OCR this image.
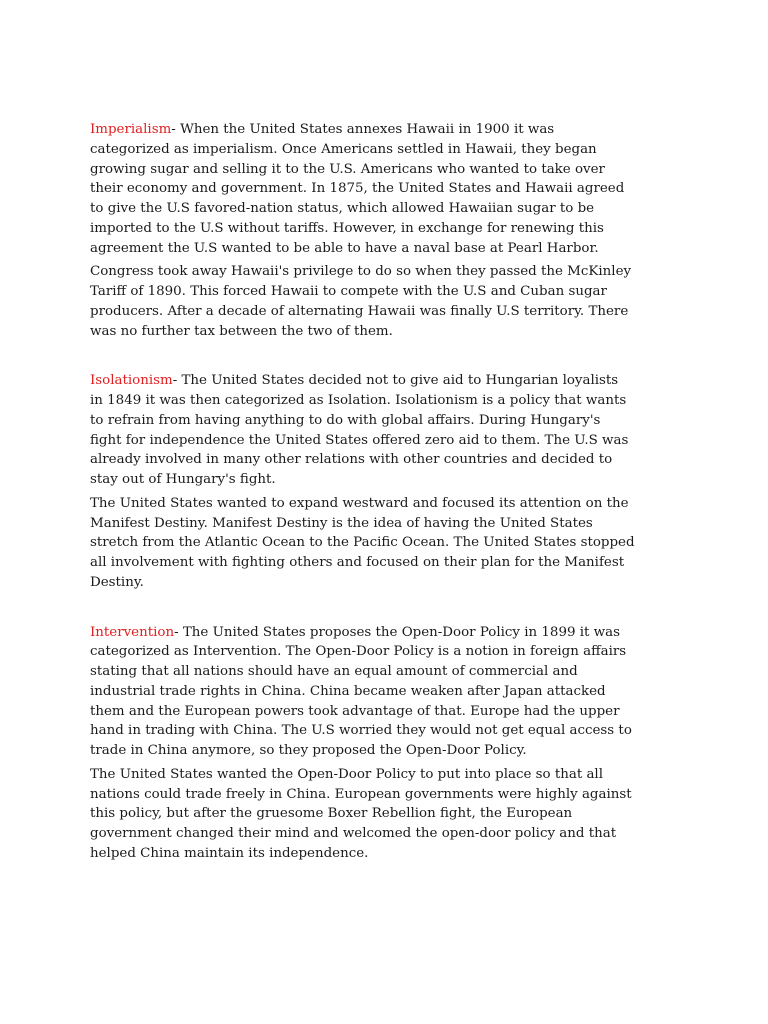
Imperialism- When the United States annexes Hawaii in 1900 it was
categorized as imperialism. Once Americans settled in Hawaii, they began
growing sugar and selling it to the U.S. Americans who wanted to take over
their economy and government. In 1875, the United States and Hawaii agreed
to give the U.S favored-nation status, which allowed Hawaiian sugar to be
imported to the U.S without tariffs. However, in exchange for renewing this
agreement the U.S wanted to be able to have a naval base at Pearl Harbor.

Congress took away Hawaii's privilege to do so when they passed the McKinley
Tariff of 1890. This forced Hawaii to compete with the U.S and Cuban sugar
producers. After a decade of alternating Hawaii was finally U.S territory. There
was no further tax between the two of them.

Isolationism- The United States decided not to give aid to Hungarian loyalists
in 1849 it was then categorized as Isolation. Isolationism is a policy that wants
to refrain from having anything to do with global affairs. During Hungary's
fight for independence the United States offered zero aid to them. The U.S was
already involved in many other relations with other countries and decided to
stay out of Hungary's fight.

The United States wanted to expand westward and focused its attention on the
Manifest Destiny. Manifest Destiny is the idea of having the United States
stretch from the Atlantic Ocean to the Pacific Ocean. The United States stopped
all involvement with fighting others and focused on their plan for the Manifest
Destiny.

Intervention- The United States proposes the Open-Door Policy in 1899 it was
categorized as Intervention. The Open-Door Policy is a notion in foreign affairs
stating that all nations should have an equal amount of commercial and
industrial trade rights in China. China became weaken after Japan attacked
them and the European powers took advantage of that. Europe had the upper
hand in trading with China. The U.S worried they would not get equal access to
trade in China anymore, so they proposed the Open-Door Policy.

The United States wanted the Open-Door Policy to put into place so that all
nations could trade freely in China. European governments were highly against
this policy, but after the gruesome Boxer Rebellion fight, the European
government changed their mind and welcomed the open-door policy and that
helped China maintain its independence.
